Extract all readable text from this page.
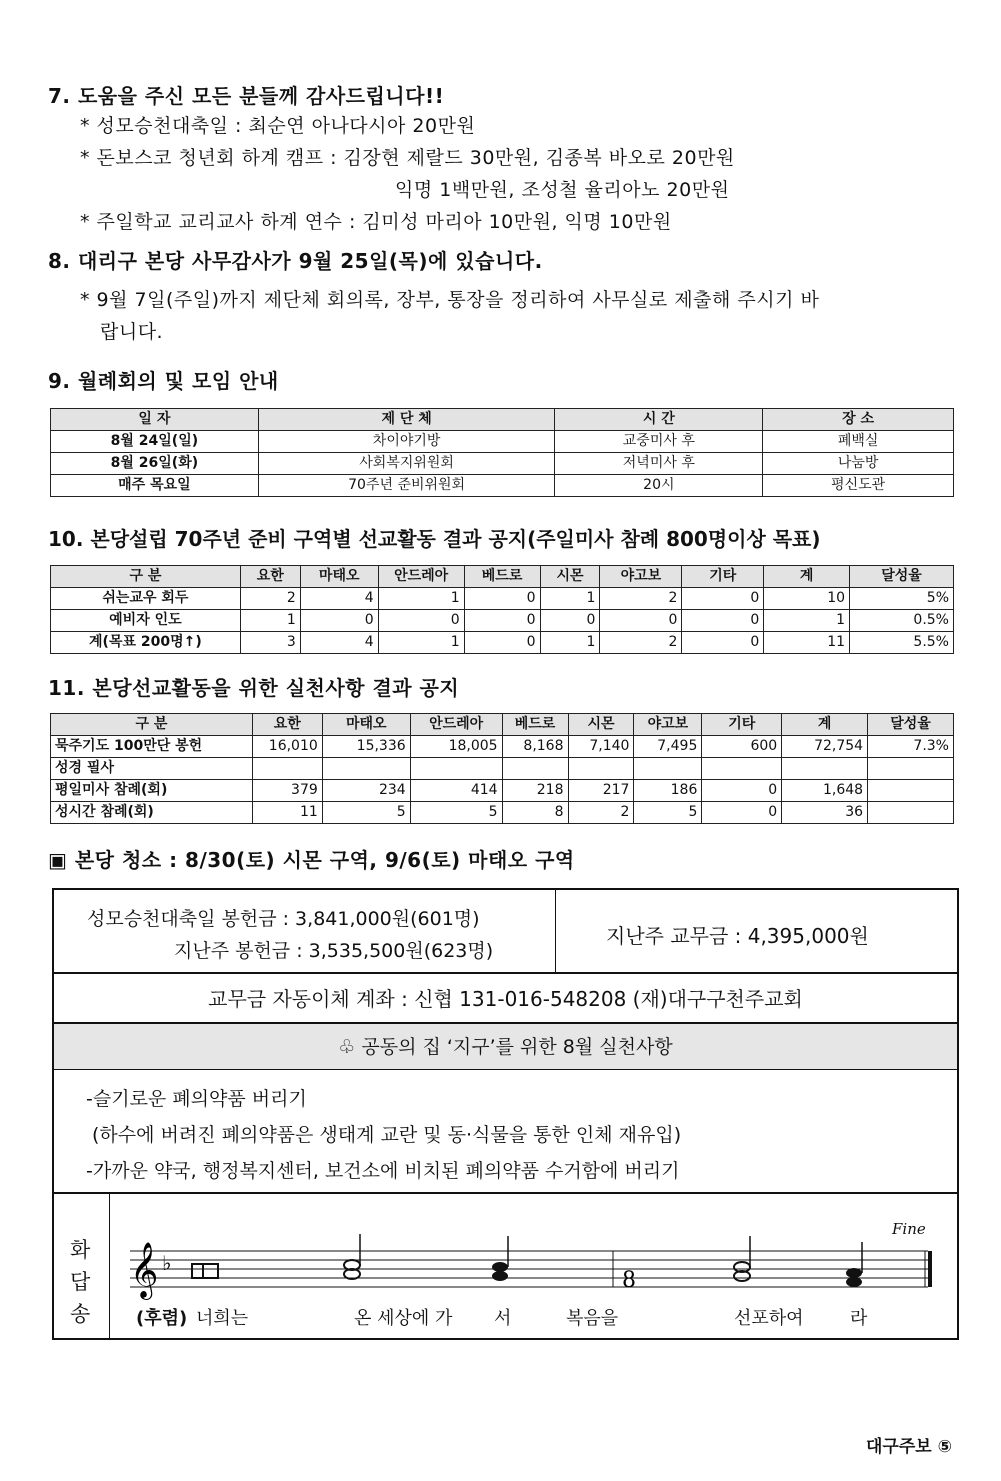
7. 도움을 주신 모든 분들께 감사드립니다!!
* 성모승천대축일 : 최순연 아나다시아 20만원
* 돈보스코 청년회 하계 캠프 : 김장현 제랄드 30만원, 김종복 바오로 20만원
익명 1백만원, 조성철 율리아노 20만원
* 주일학교 교리교사 하계 연수 : 김미성 마리아 10만원, 익명 10만원
8. 대리구 본당 사무감사가 9월 25일(목)에 있습니다.
* 9월 7일(주일)까지 제단체 회의록, 장부, 통장을 정리하여 사무실로 제출해 주시기 바
랍니다.
9. 월례회의 및 모임 안내
일 자	제 단 체	시 간	장 소
8월 24일(일)	차이야기방	교중미사 후	폐백실
8월 26일(화)	사회복지위원회	저녁미사 후	나눔방
매주 목요일	70주년 준비위원회	20시	평신도관
10. 본당설립 70주년 준비 구역별 선교활동 결과 공지(주일미사 참례 800명이상 목표)
구 분	요한	마태오	안드레아	베드로	시몬	야고보	기타	계	달성율
쉬는교우 회두	2	4	1	0	1	2	0	10	5%
예비자 인도	1	0	0	0	0	0	0	1	0.5%
계(목표 200명↑)	3	4	1	0	1	2	0	11	5.5%
11. 본당선교활동을 위한 실천사항 결과 공지
구 분	요한	마태오	안드레아	베드로	시몬	야고보	기타	계	달성율
묵주기도 100만단 봉헌	16,010	15,336	18,005	8,168	7,140	7,495	600	72,754	7.3%
성경 필사									
평일미사 참례(회)	379	234	414	218	217	186	0	1,648	
성시간 참례(회)	11	5	5	8	2	5	0	36	
▣ 본당 청소 : 8/30(토) 시몬 구역, 9/6(토) 마태오 구역
성모승천대축일 봉헌금 : 3,841,000원(601명)
지난주 봉헌금 : 3,535,500원(623명)
지난주 교무금 : 4,395,000원
교무금 자동이체 계좌 : 신협 131-016-548208 (재)대구구천주교회
♧ 공동의 집 ‘지구’를 위한 8월 실천사항
-슬기로운 폐의약품 버리기
(하수에 버려진 폐의약품은 생태계 교란 및 동·식물을 통한 인체 재유입)
-가까운 약국, 행정복지센터, 보건소에 비치된 폐의약품 수거함에 버리기
화
답
송
𝄞 ♭
8
Fine
(후렴) 너희는	온 세상에 가 서	복음을	선포하여	라
대구주보 ⑤
